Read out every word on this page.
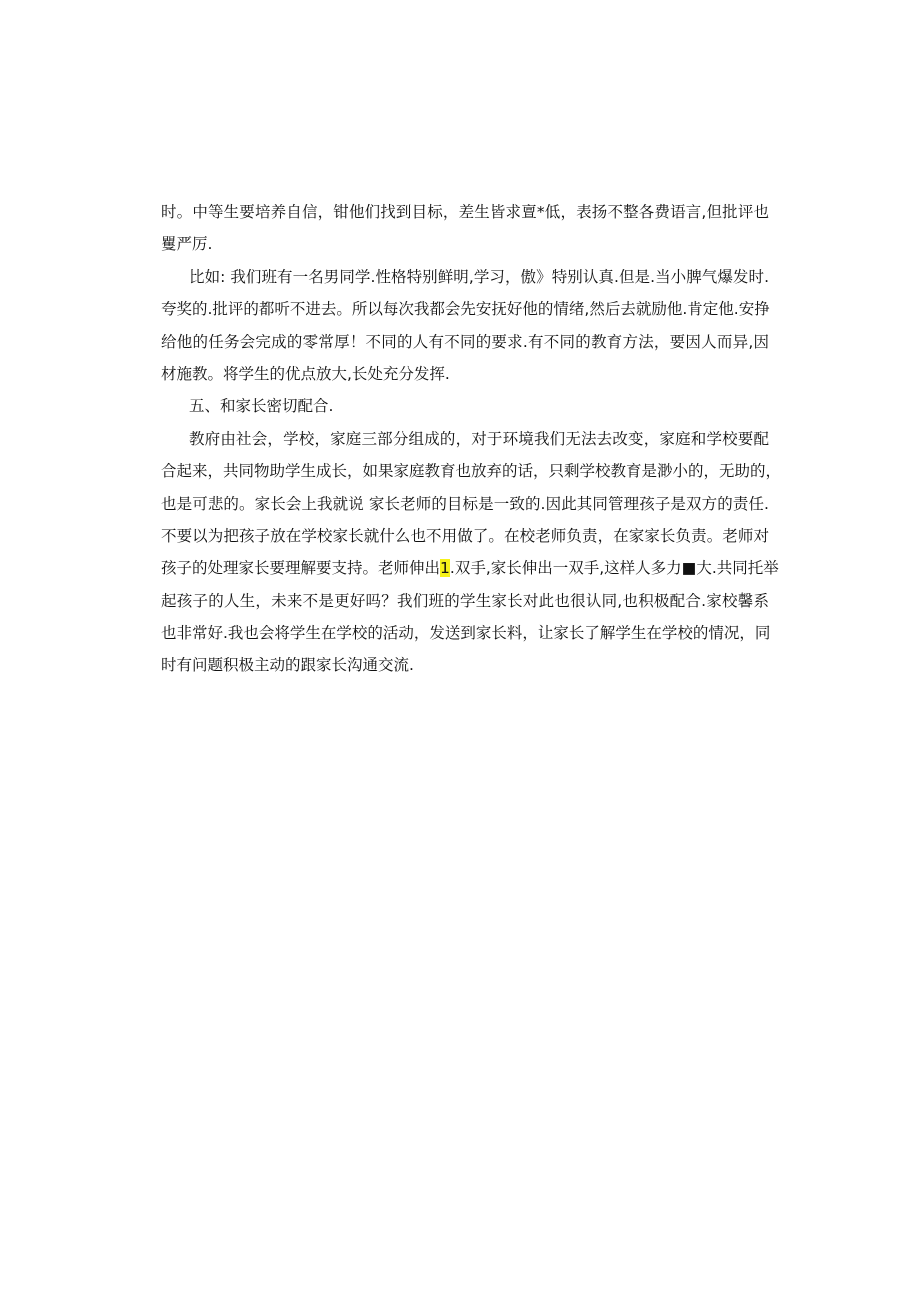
时。中等生要培养自信，钳他们找到目标，差生皆求亶*低，表扬不整各费语言,但批评也
矍严厉.
比如: 我们班有一名男同学.性格特别鲜明,学习，傲》特别认真.但是.当小脾气爆发时.
夸奖的.批评的都听不进去。所以每次我都会先安抚好他的情绪,然后去就励他.肯定他.安挣
给他的任务会完成的零常厚！不同的人有不同的要求.有不同的教育方法，要因人而异,因
材施教。将学生的优点放大,长处充分发挥.
五、和家长密切配合.
教府由社会，学校，家庭三部分组成的，对于环境我们无法去改变，家庭和学校要配
合起来，共同物助学生成长，如果家庭教育也放弃的话，只剩学校教育是渺小的，无助的，
也是可悲的。家长会上我就说 家长老师的目标是一致的.因此其同管理孩子是双方的责任.
不要以为把孩子放在学校家长就什么也不用做了。在校老师负责，在家家长负责。老师对
孩子的处理家长要理解要支持。老师伸出1.双手,家长伸出一双手,这样人多力■大.共同托举
起孩子的人生，未来不是更好吗？我们班的学生家长对此也很认同,也积极配合.家校馨系
也非常好.我也会将学生在学校的活动，发送到家长料，让家长了解学生在学校的情况，同
时有问题积极主动的跟家长沟通交流.
